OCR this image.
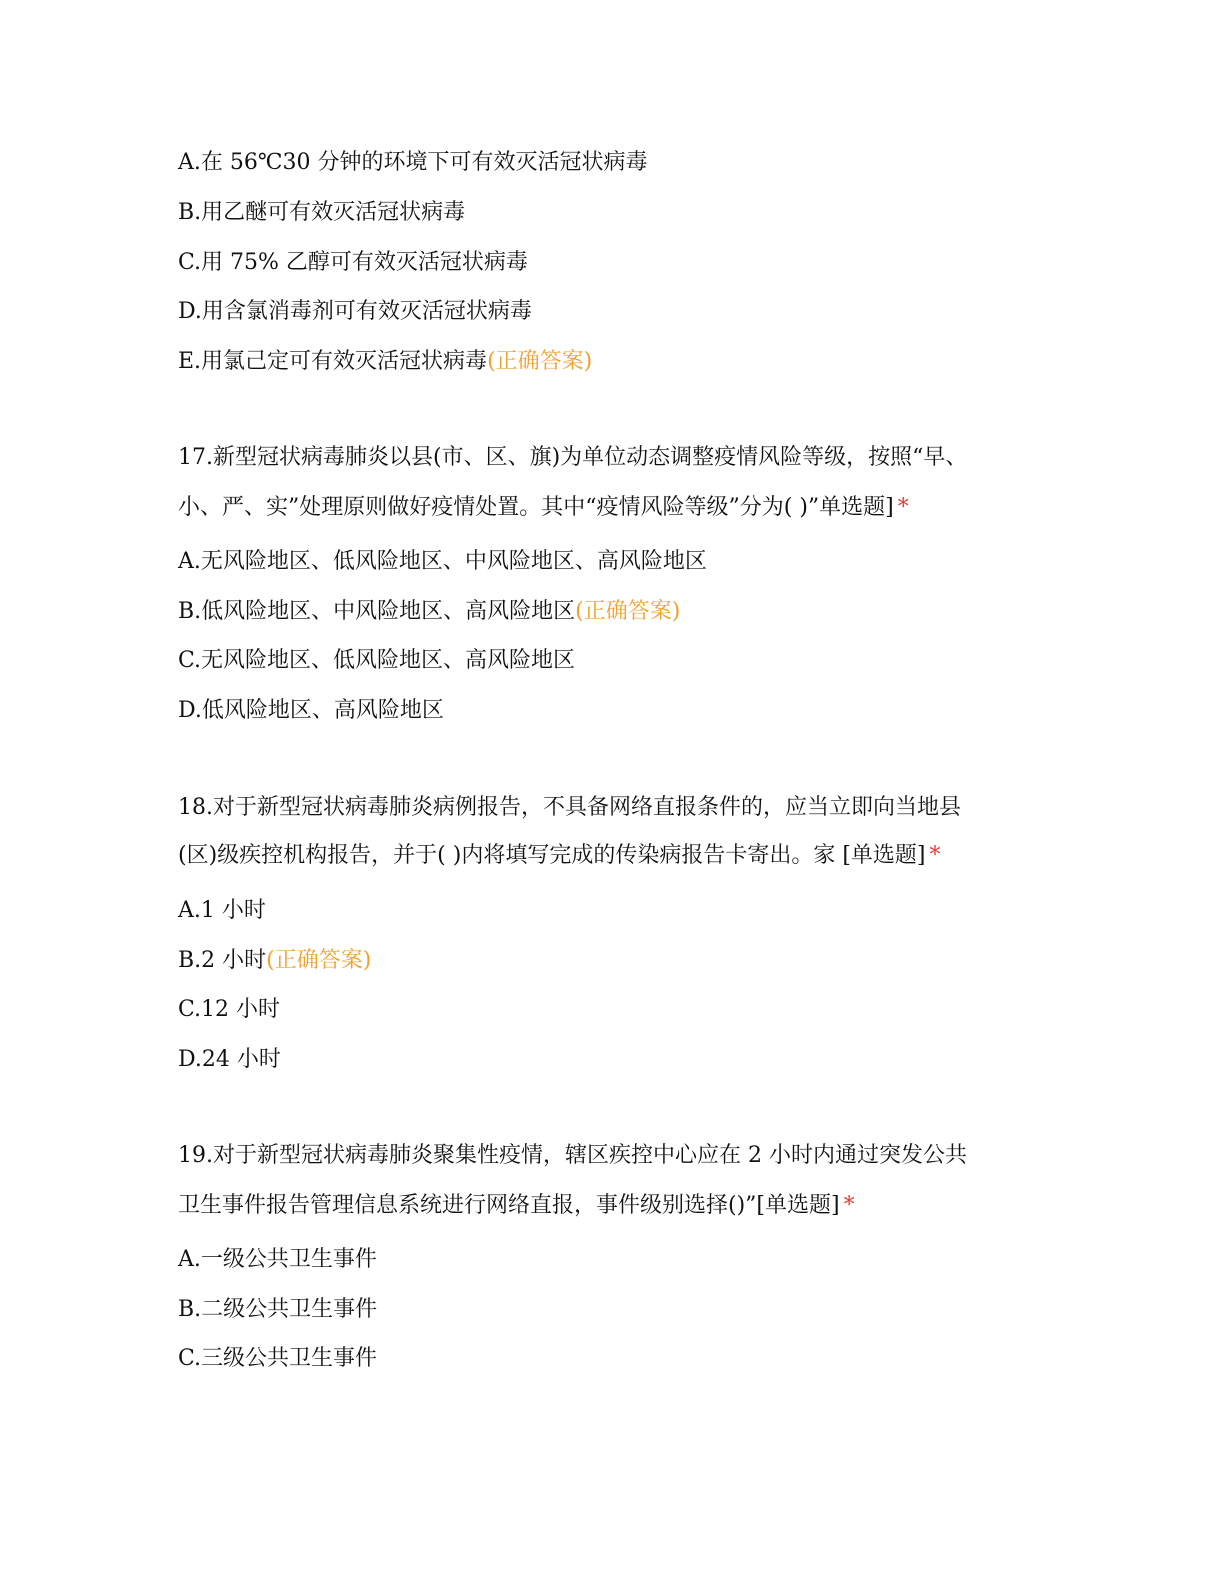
A.在 56℃30 分钟的环境下可有效灭活冠状病毒
B.用乙醚可有效灭活冠状病毒
C.用 75% 乙醇可有效灭活冠状病毒
D.用含氯消毒剂可有效灭活冠状病毒
E.用氯己定可有效灭活冠状病毒(正确答案)
17.新型冠状病毒肺炎以县(市、区、旗)为单位动态调整疫情风险等级，按照“早、
小、严、实”处理原则做好疫情处置。其中“疫情风险等级”分为( )”单选题] *
A.无风险地区、低风险地区、中风险地区、高风险地区
B.低风险地区、中风险地区、高风险地区(正确答案)
C.无风险地区、低风险地区、高风险地区
D.低风险地区、高风险地区
18.对于新型冠状病毒肺炎病例报告，不具备网络直报条件的，应当立即向当地县
(区)级疾控机构报告，并于( )内将填写完成的传染病报告卡寄出。家 [单选题] *
A.1 小时
B.2 小时(正确答案)
C.12 小时
D.24 小时
19.对于新型冠状病毒肺炎聚集性疫情，辖区疾控中心应在 2 小时内通过突发公共
卫生事件报告管理信息系统进行网络直报，事件级别选择()”[单选题] *
A.一级公共卫生事件
B.二级公共卫生事件
C.三级公共卫生事件
